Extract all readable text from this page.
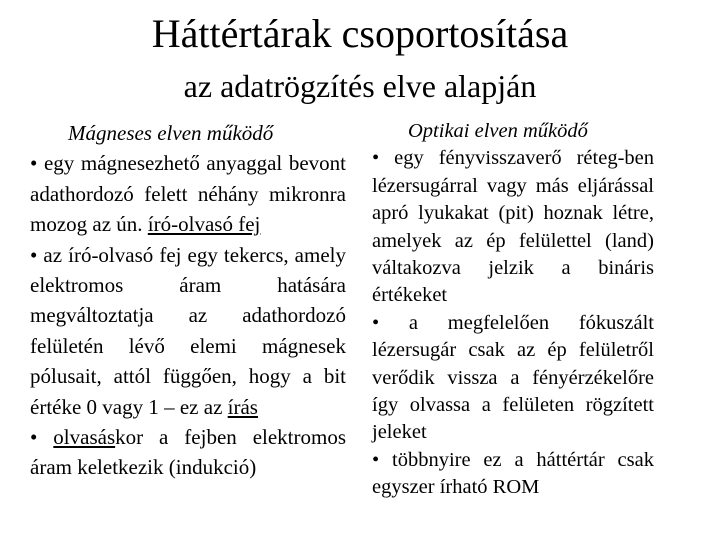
Háttértárak csoportosítása
az adatrögzítés elve alapján

Mágneses elven működő

• egy mágnesezhető anyaggal bevont adathordozó felett néhány mikronra mozog az ún. író-olvasó fej

• az író-olvasó fej egy tekercs, amely elektromos áram hatására megváltoztatja az adathordozó felületén lévő elemi mágnesek pólusait, attól függően, hogy a bit értéke 0 vagy 1 – ez az írás

• olvasáskor a fejben elektromos áram keletkezik (indukció)

Optikai elven működő

• egy fényvisszaverő réteg-ben lézersugárral vagy más eljárással apró lyukakat (pit) hoznak létre, amelyek az ép felülettel (land) váltakozva jelzik a bináris értékeket

• a megfelelően fókuszált lézersugár csak az ép felületről verődik vissza a fényérzékelőre így olvassa a felületen rögzített jeleket

• többnyire ez a háttértár csak egyszer írható ROM
